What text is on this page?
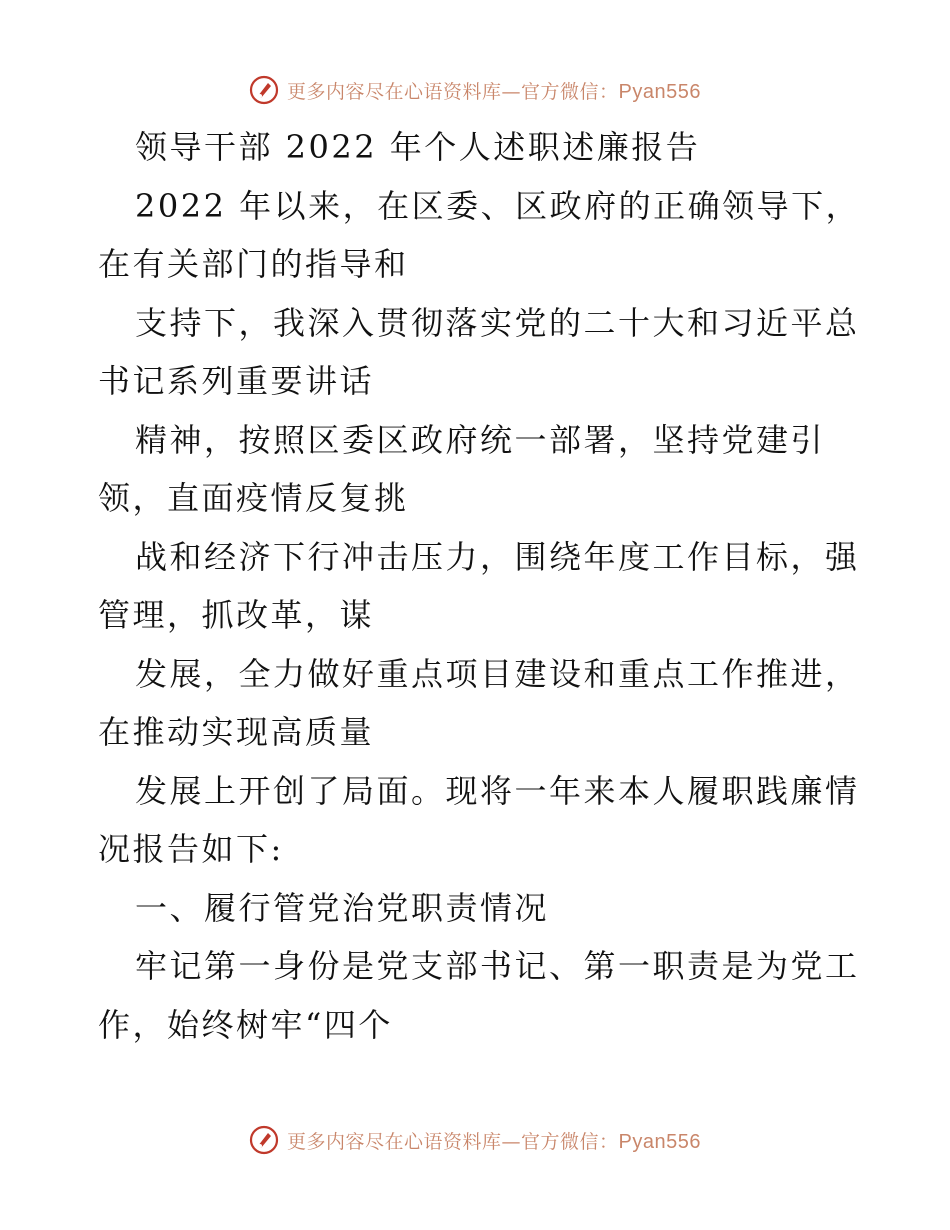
更多内容尽在心语资料库—官方微信：Pyan556
领导干部 2022 年个人述职述廉报告
2022 年以来，在区委、区政府的正确领导下，
在有关部门的指导和
支持下，我深入贯彻落实党的二十大和习近平总
书记系列重要讲话
精神，按照区委区政府统一部署，坚持党建引
领，直面疫情反复挑
战和经济下行冲击压力，围绕年度工作目标，强
管理，抓改革，谋
发展，全力做好重点项目建设和重点工作推进，
在推动实现高质量
发展上开创了局面。现将一年来本人履职践廉情
况报告如下:
一、履行管党治党职责情况
牢记第一身份是党支部书记、第一职责是为党工
作，始终树牢“四个
更多内容尽在心语资料库—官方微信：Pyan556
